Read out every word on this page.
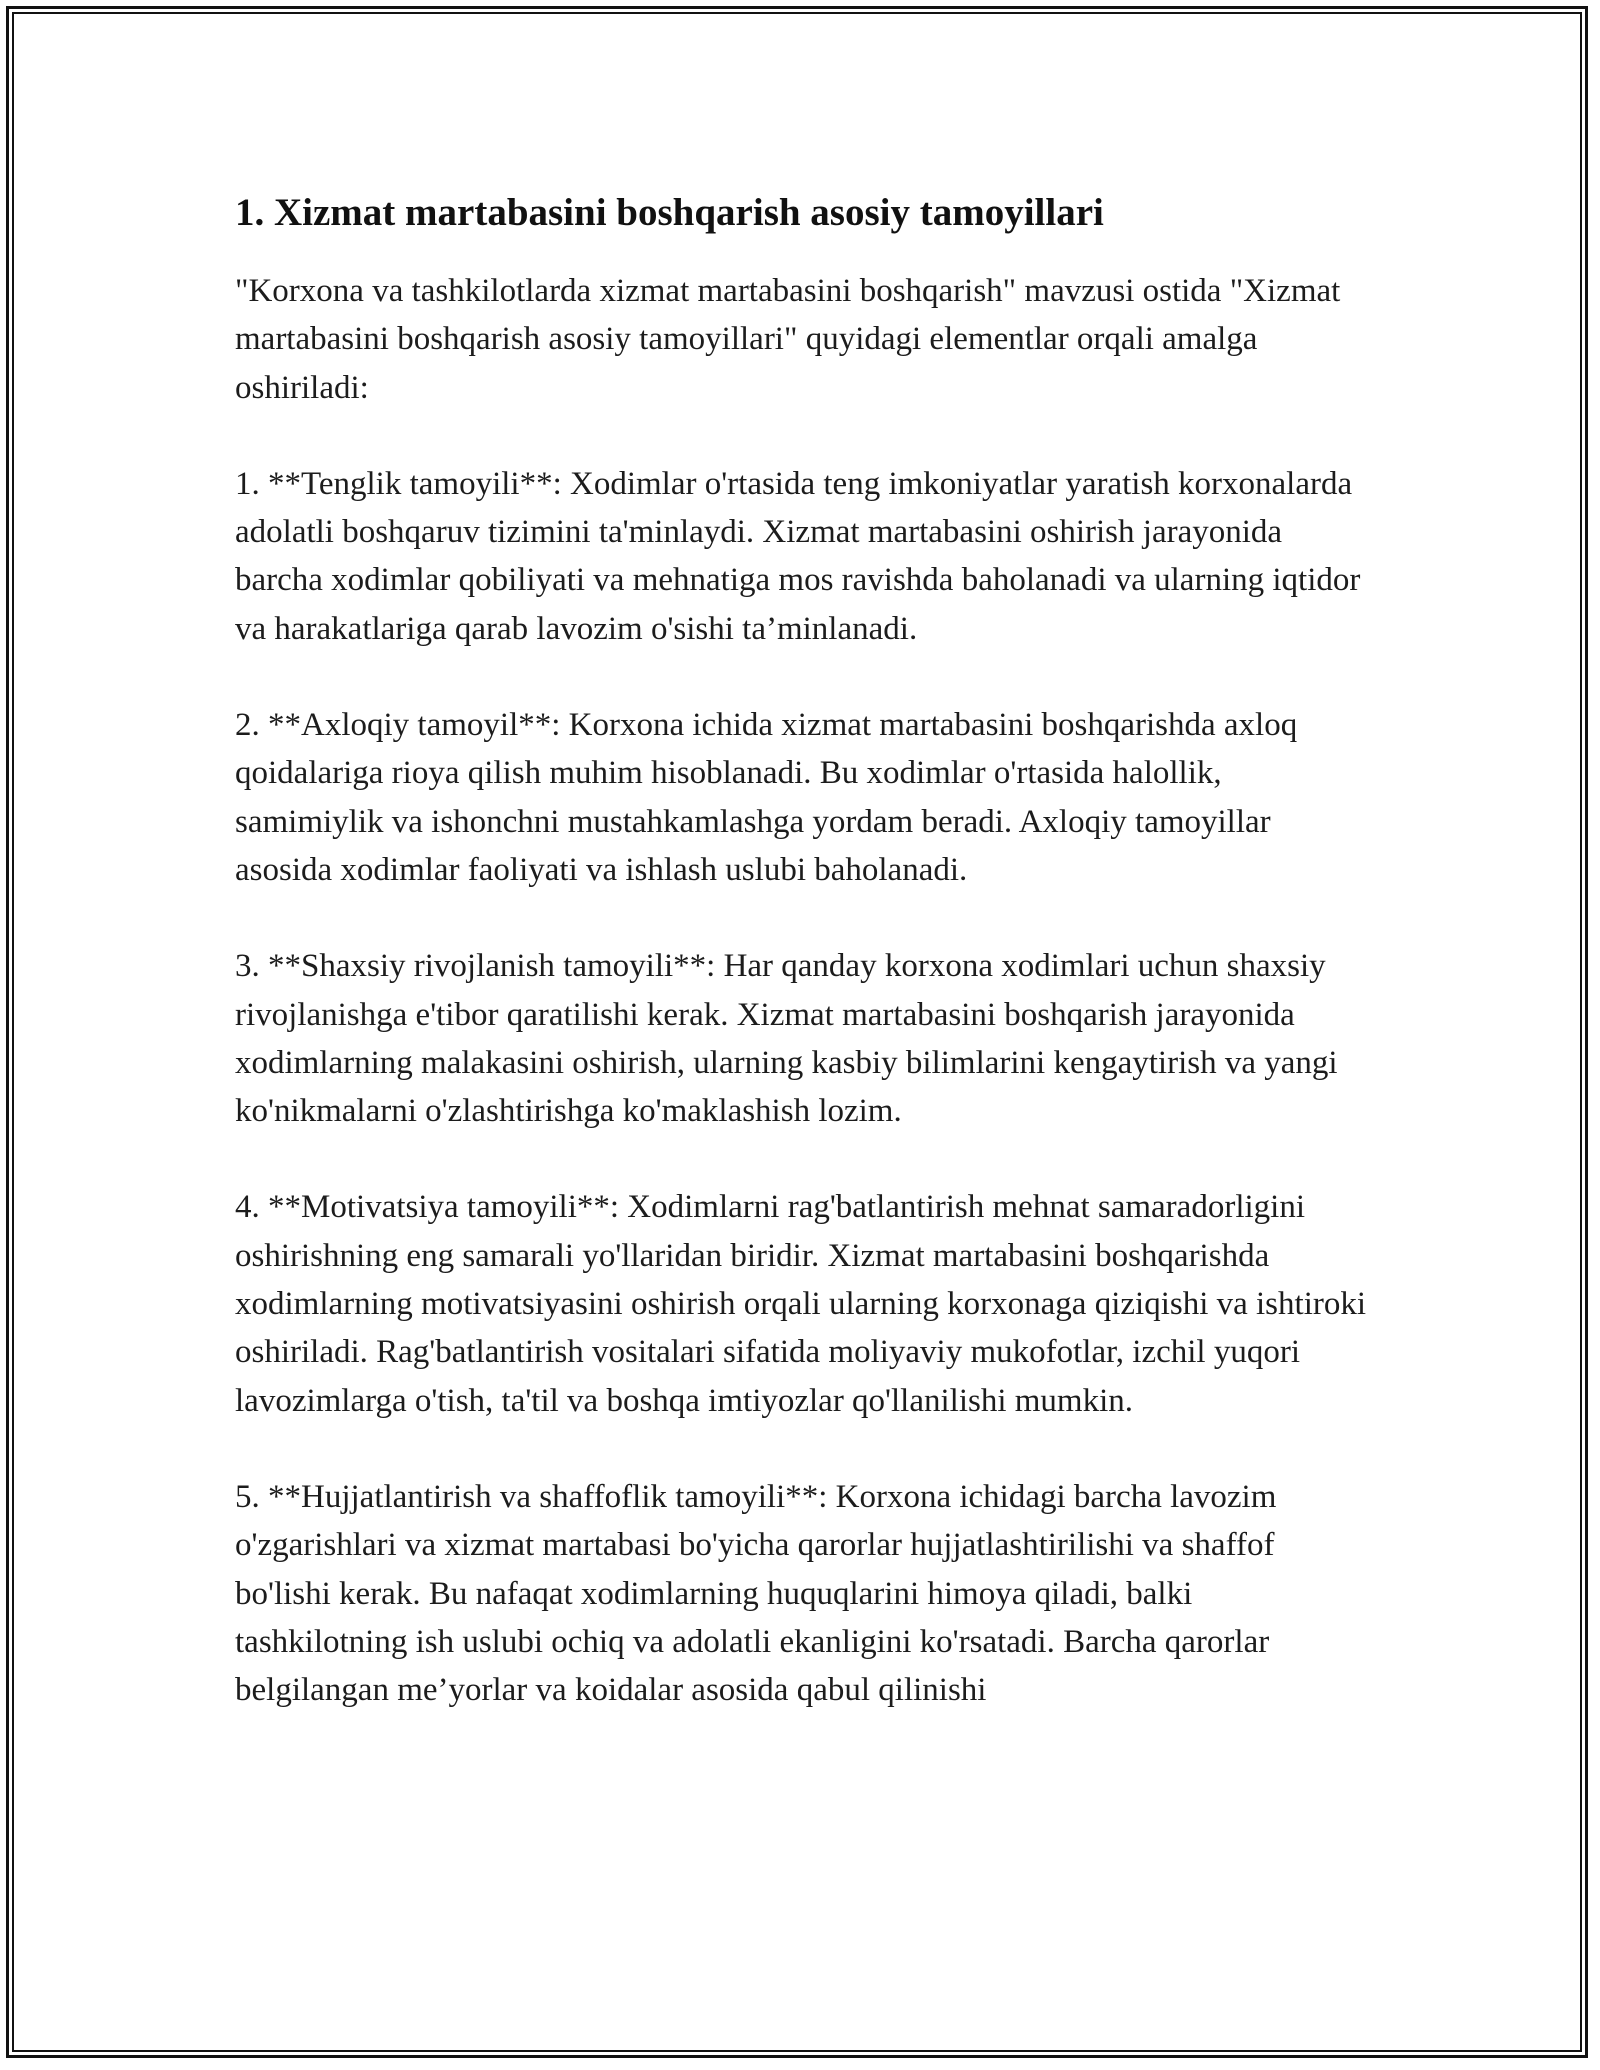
1. Xizmat martabasini boshqarish asosiy tamoyillari

"Korxona va tashkilotlarda xizmat martabasini boshqarish" mavzusi ostida "Xizmat martabasini boshqarish asosiy tamoyillari" quyidagi elementlar orqali amalga oshiriladi:

1. **Tenglik tamoyili**: Xodimlar o'rtasida teng imkoniyatlar yaratish korxonalarda adolatli boshqaruv tizimini ta'minlaydi. Xizmat martabasini oshirish jarayonida barcha xodimlar qobiliyati va mehnatiga mos ravishda baholanadi va ularning iqtidor va harakatlariga qarab lavozim o'sishi ta’minlanadi.

2. **Axloqiy tamoyil**: Korxona ichida xizmat martabasini boshqarishda axloq qoidalariga rioya qilish muhim hisoblanadi. Bu xodimlar o'rtasida halollik, samimiylik va ishonchni mustahkamlashga yordam beradi. Axloqiy tamoyillar asosida xodimlar faoliyati va ishlash uslubi baholanadi.

3. **Shaxsiy rivojlanish tamoyili**: Har qanday korxona xodimlari uchun shaxsiy rivojlanishga e'tibor qaratilishi kerak. Xizmat martabasini boshqarish jarayonida xodimlarning malakasini oshirish, ularning kasbiy bilimlarini kengaytirish va yangi ko'nikmalarni o'zlashtirishga ko'maklashish lozim.

4. **Motivatsiya tamoyili**: Xodimlarni rag'batlantirish mehnat samaradorligini oshirishning eng samarali yo'llaridan biridir. Xizmat martabasini boshqarishda xodimlarning motivatsiyasini oshirish orqali ularning korxonaga qiziqishi va ishtiroki oshiriladi. Rag'batlantirish vositalari sifatida moliyaviy mukofotlar, izchil yuqori lavozimlarga o'tish, ta'til va boshqa imtiyozlar qo'llanilishi mumkin.

5. **Hujjatlantirish va shaffoflik tamoyili**: Korxona ichidagi barcha lavozim o'zgarishlari va xizmat martabasi bo'yicha qarorlar hujjatlashtirilishi va shaffof bo'lishi kerak. Bu nafaqat xodimlarning huquqlarini himoya qiladi, balki tashkilotning ish uslubi ochiq va adolatli ekanligini ko'rsatadi. Barcha qarorlar belgilangan me’yorlar va koidalar asosida qabul qilinishi
